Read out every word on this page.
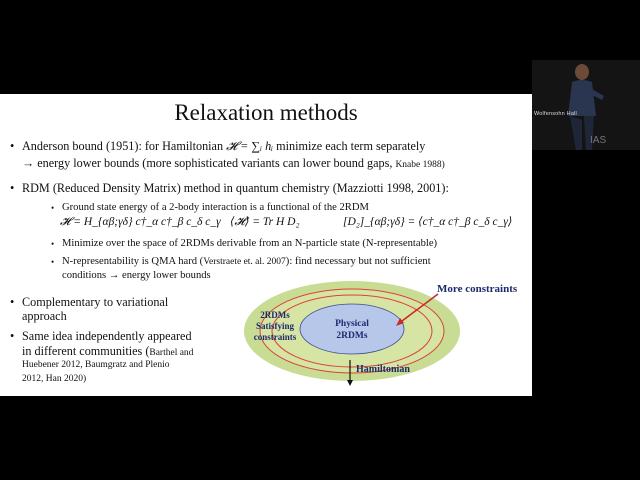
Relaxation methods
• Anderson bound (1951): for Hamiltonian 𝓗 = ∑ᵢ hᵢ minimize each term separately
→ energy lower bounds (more sophisticated variants can lower bound gaps, Knabe 1988)
• RDM (Reduced Density Matrix) method in quantum chemistry (Mazziotti 1998, 2001):
• Ground state energy of a 2-body interaction is a functional of the 2RDM
𝓗 = H_{αβ;γδ} c†_α c†_β c_δ c_γ ⟨𝓗⟩ = Tr H D₂	[D₂]_{αβ;γδ} = ⟨c†_α c†_β c_δ c_γ⟩
• Minimize over the space of 2RDMs derivable from an N-particle state (N-representable)
• N-representability is QMA hard (Verstraete et. al. 2007): find necessary but not sufficient
conditions → energy lower bounds
• Complementary to variational
approach
• Same idea independently appeared
in different communities (Barthel and
Huebener 2012, Baumgratz and Plenio
2012, Han 2020)
More constraints
2RDMs
Satisfying
constraints
Physical
2RDMs
Hamiltonian
Wolfensohn Hall
IAS
